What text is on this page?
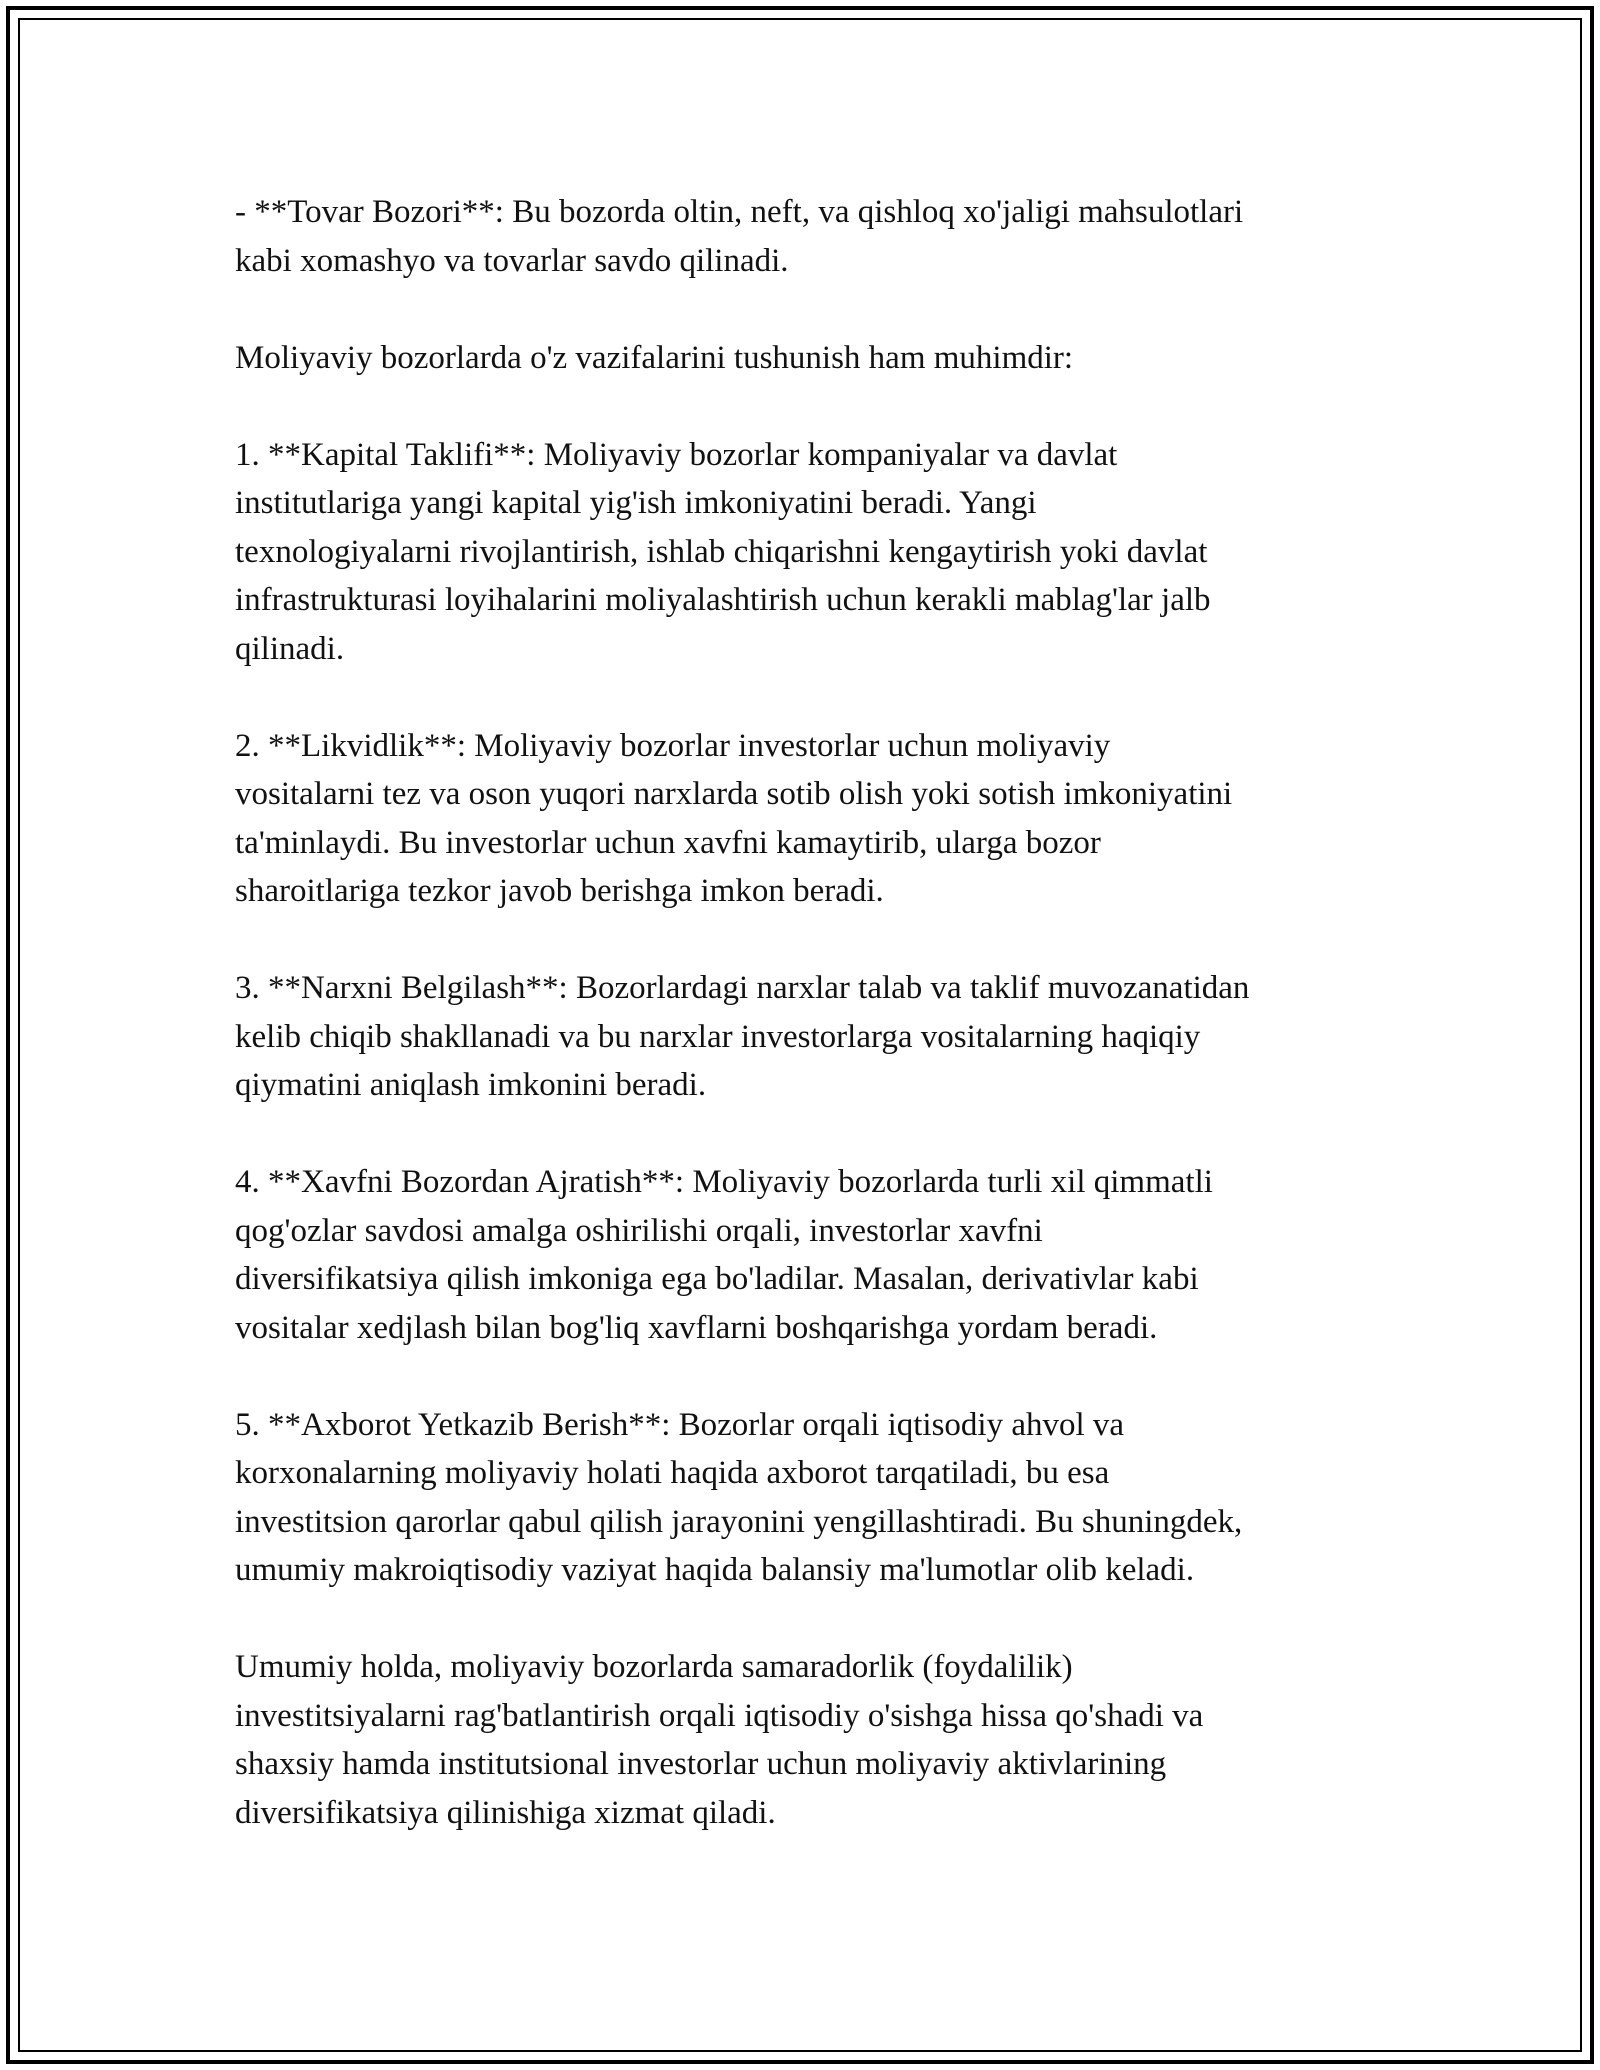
- **Tovar Bozori**: Bu bozorda oltin, neft, va qishloq xo'jaligi mahsulotlari
kabi xomashyo va tovarlar savdo qilinadi.

Moliyaviy bozorlarda o'z vazifalarini tushunish ham muhimdir:

1. **Kapital Taklifi**: Moliyaviy bozorlar kompaniyalar va davlat
institutlariga yangi kapital yig'ish imkoniyatini beradi. Yangi
texnologiyalarni rivojlantirish, ishlab chiqarishni kengaytirish yoki davlat
infrastrukturasi loyihalarini moliyalashtirish uchun kerakli mablag'lar jalb
qilinadi.

2. **Likvidlik**: Moliyaviy bozorlar investorlar uchun moliyaviy
vositalarni tez va oson yuqori narxlarda sotib olish yoki sotish imkoniyatini
ta'minlaydi. Bu investorlar uchun xavfni kamaytirib, ularga bozor
sharoitlariga tezkor javob berishga imkon beradi.

3. **Narxni Belgilash**: Bozorlardagi narxlar talab va taklif muvozanatidan
kelib chiqib shakllanadi va bu narxlar investorlarga vositalarning haqiqiy
qiymatini aniqlash imkonini beradi.

4. **Xavfni Bozordan Ajratish**: Moliyaviy bozorlarda turli xil qimmatli
qog'ozlar savdosi amalga oshirilishi orqali, investorlar xavfni
diversifikatsiya qilish imkoniga ega bo'ladilar. Masalan, derivativlar kabi
vositalar xedjlash bilan bog'liq xavflarni boshqarishga yordam beradi.

5. **Axborot Yetkazib Berish**: Bozorlar orqali iqtisodiy ahvol va
korxonalarning moliyaviy holati haqida axborot tarqatiladi, bu esa
investitsion qarorlar qabul qilish jarayonini yengillashtiradi. Bu shuningdek,
umumiy makroiqtisodiy vaziyat haqida balansiy ma'lumotlar olib keladi.

Umumiy holda, moliyaviy bozorlarda samaradorlik (foydalilik)
investitsiyalarni rag'batlantirish orqali iqtisodiy o'sishga hissa qo'shadi va
shaxsiy hamda institutsional investorlar uchun moliyaviy aktivlarining
diversifikatsiya qilinishiga xizmat qiladi.
